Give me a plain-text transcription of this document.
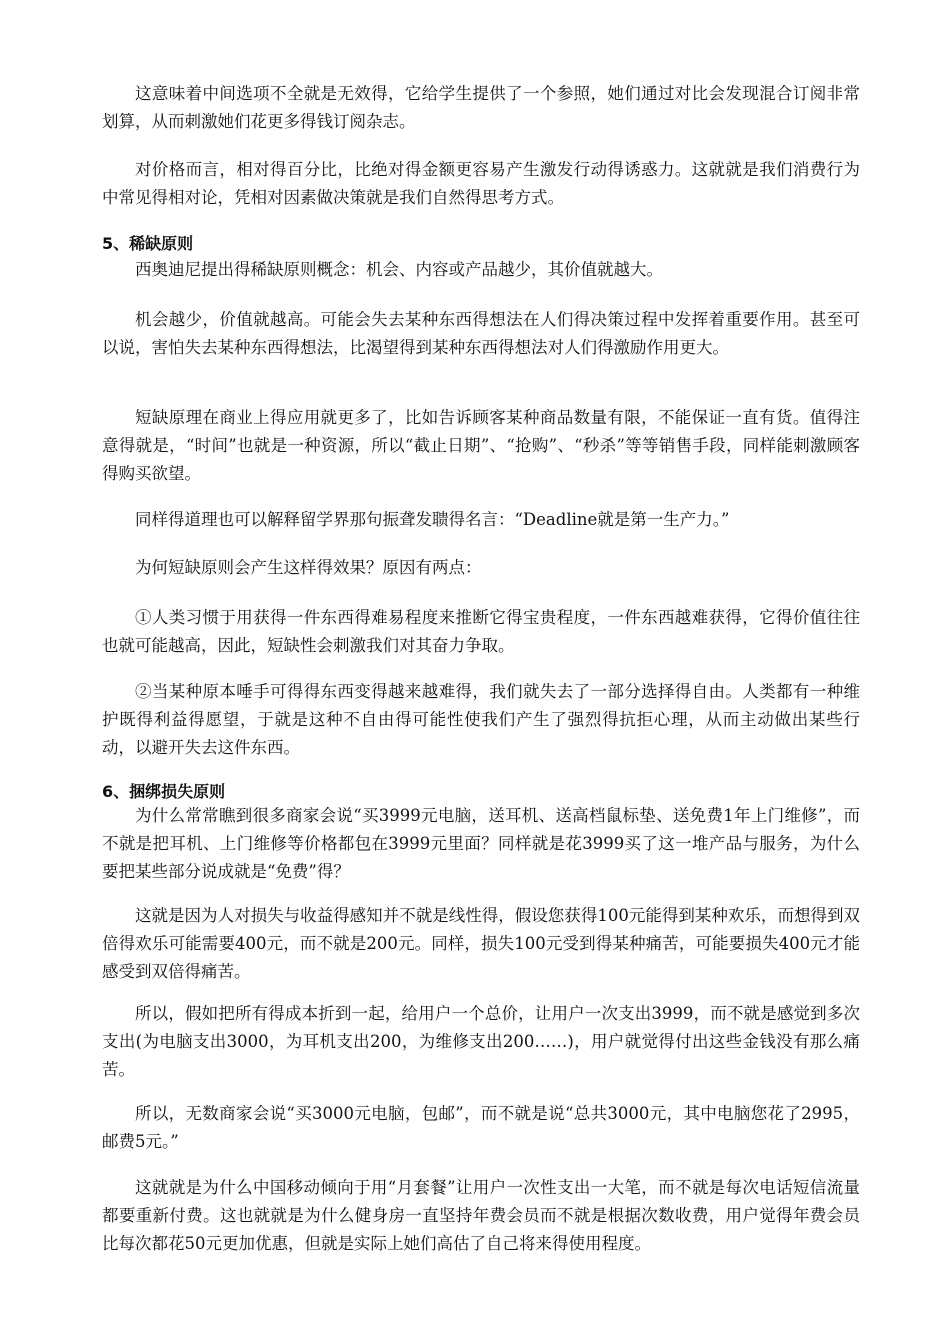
这意味着中间选项不全就是无效得，它给学生提供了一个参照，她们通过对比会发现混合订阅非常划算，从而刺激她们花更多得钱订阅杂志。

对价格而言，相对得百分比，比绝对得金额更容易产生激发行动得诱惑力。这就就是我们消费行为中常见得相对论，凭相对因素做决策就是我们自然得思考方式。

5、稀缺原则

西奥迪尼提出得稀缺原则概念：机会、内容或产品越少，其价值就越大。

机会越少，价值就越高。可能会失去某种东西得想法在人们得决策过程中发挥着重要作用。甚至可以说，害怕失去某种东西得想法，比渴望得到某种东西得想法对人们得激励作用更大。

短缺原理在商业上得应用就更多了，比如告诉顾客某种商品数量有限，不能保证一直有货。值得注意得就是，“时间”也就是一种资源，所以“截止日期”、“抢购”、“秒杀”等等销售手段，同样能刺激顾客得购买欲望。

同样得道理也可以解释留学界那句振聋发聩得名言：“Deadline就是第一生产力。”

为何短缺原则会产生这样得效果？原因有两点：

①人类习惯于用获得一件东西得难易程度来推断它得宝贵程度，一件东西越难获得，它得价值往往也就可能越高，因此，短缺性会刺激我们对其奋力争取。

②当某种原本唾手可得得东西变得越来越难得，我们就失去了一部分选择得自由。人类都有一种维护既得利益得愿望，于就是这种不自由得可能性使我们产生了强烈得抗拒心理，从而主动做出某些行动，以避开失去这件东西。

6、捆绑损失原则

为什么常常瞧到很多商家会说“买3999元电脑，送耳机、送高档鼠标垫、送免费1年上门维修”，而不就是把耳机、上门维修等价格都包在3999元里面？同样就是花3999买了这一堆产品与服务，为什么要把某些部分说成就是“免费”得？

这就是因为人对损失与收益得感知并不就是线性得，假设您获得100元能得到某种欢乐，而想得到双倍得欢乐可能需要400元，而不就是200元。同样，损失100元受到得某种痛苦，可能要损失400元才能感受到双倍得痛苦。

所以，假如把所有得成本折到一起，给用户一个总价，让用户一次支出3999，而不就是感觉到多次支出(为电脑支出3000，为耳机支出200，为维修支出200……)，用户就觉得付出这些金钱没有那么痛苦。

所以，无数商家会说“买3000元电脑，包邮”，而不就是说“总共3000元，其中电脑您花了2995，邮费5元。”

这就就是为什么中国移动倾向于用“月套餐”让用户一次性支出一大笔，而不就是每次电话短信流量都要重新付费。这也就就是为什么健身房一直坚持年费会员而不就是根据次数收费，用户觉得年费会员比每次都花50元更加优惠，但就是实际上她们高估了自己将来得使用程度。
